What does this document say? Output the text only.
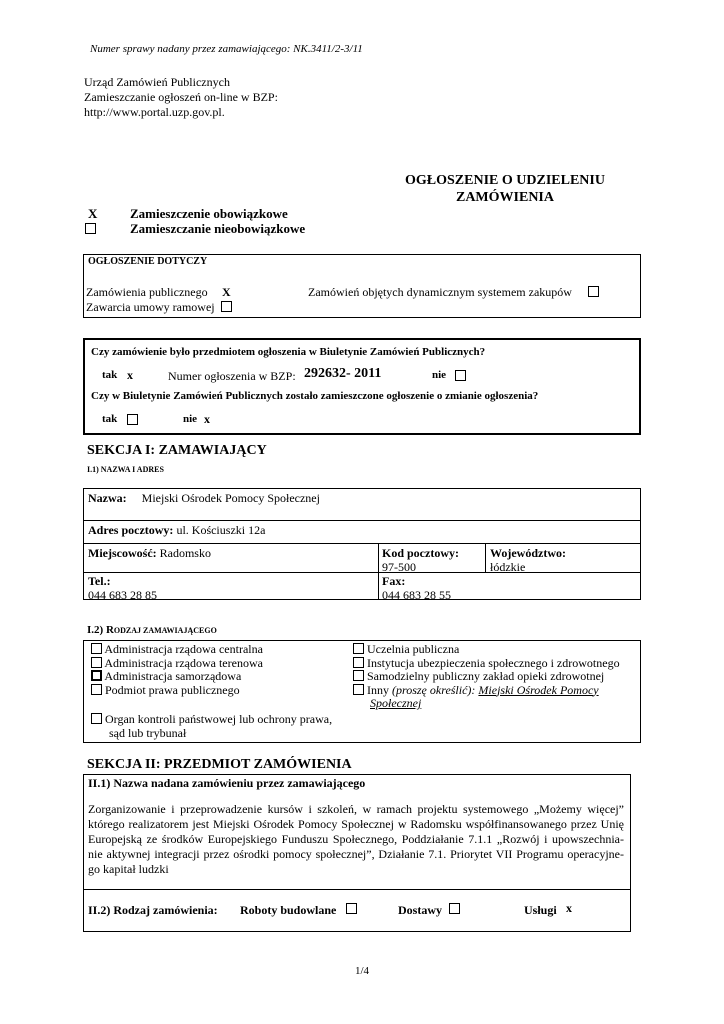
Numer sprawy nadany przez zamawiającego: NK.3411/2-3/11
Urząd Zamówień Publicznych
Zamieszczanie ogłoszeń on-line w BZP:
http://www.portal.uzp.gov.pl.
OGŁOSZENIE O UDZIELENIU
ZAMÓWIENIA
X	Zamieszczenie obowiązkowe
Zamieszczanie nieobowiązkowe
OGŁOSZENIE DOTYCZY
Zamówienia publicznego X	Zamówień objętych dynamicznym systemem zakupów
Zawarcia umowy ramowej
Czy zamówienie było przedmiotem ogłoszenia w Biuletynie Zamówień Publicznych?
tak x	Numer ogłoszenia w BZP: 292632- 2011	nie
Czy w Biuletynie Zamówień Publicznych zostało zamieszczone ogłoszenie o zmianie ogłoszenia?
tak	nie x
SEKCJA I: ZAMAWIAJĄCY
I.1) NAZWA I ADRES
Nazwa: Miejski Ośrodek Pomocy Społecznej
Adres pocztowy: ul. Kościuszki 12a
Miejscowość: Radomsko	Kod pocztowy:
97-500
Województwo:
łódzkie
Tel.:
044 683 28 85
Fax:
044 683 28 55
I.2) RODZAJ ZAMAWIAJĄCEGO
Administracja rządowa centralna
Administracja rządowa terenowa
Administracja samorządowa
Podmiot prawa publicznego
Uczelnia publiczna
Instytucja ubezpieczenia społecznego i zdrowotnego
Samodzielny publiczny zakład opieki zdrowotnej
Inny (proszę określić): Miejski Ośrodek Pomocy
Społecznej
Organ kontroli państwowej lub ochrony prawa,
sąd lub trybunał
SEKCJA II: PRZEDMIOT ZAMÓWIENIA
II.1) Nazwa nadana zamówieniu przez zamawiającego
Zorganizowanie i przeprowadzenie kursów i szkoleń, w ramach projektu systemowego „Możemy więcej”
którego realizatorem jest Miejski Ośrodek Pomocy Społecznej w Radomsku współfinansowanego przez Unię
Europejską ze środków Europejskiego Funduszu Społecznego, Poddziałanie 7.1.1 „Rozwój i upowszechnia-
nie aktywnej integracji przez ośrodki pomocy społecznej”, Działanie 7.1. Priorytet VII Programu operacyjne-
go kapitał ludzki
II.2) Rodzaj zamówienia: Roboty budowlane	Dostawy	Usługi x
1/4
